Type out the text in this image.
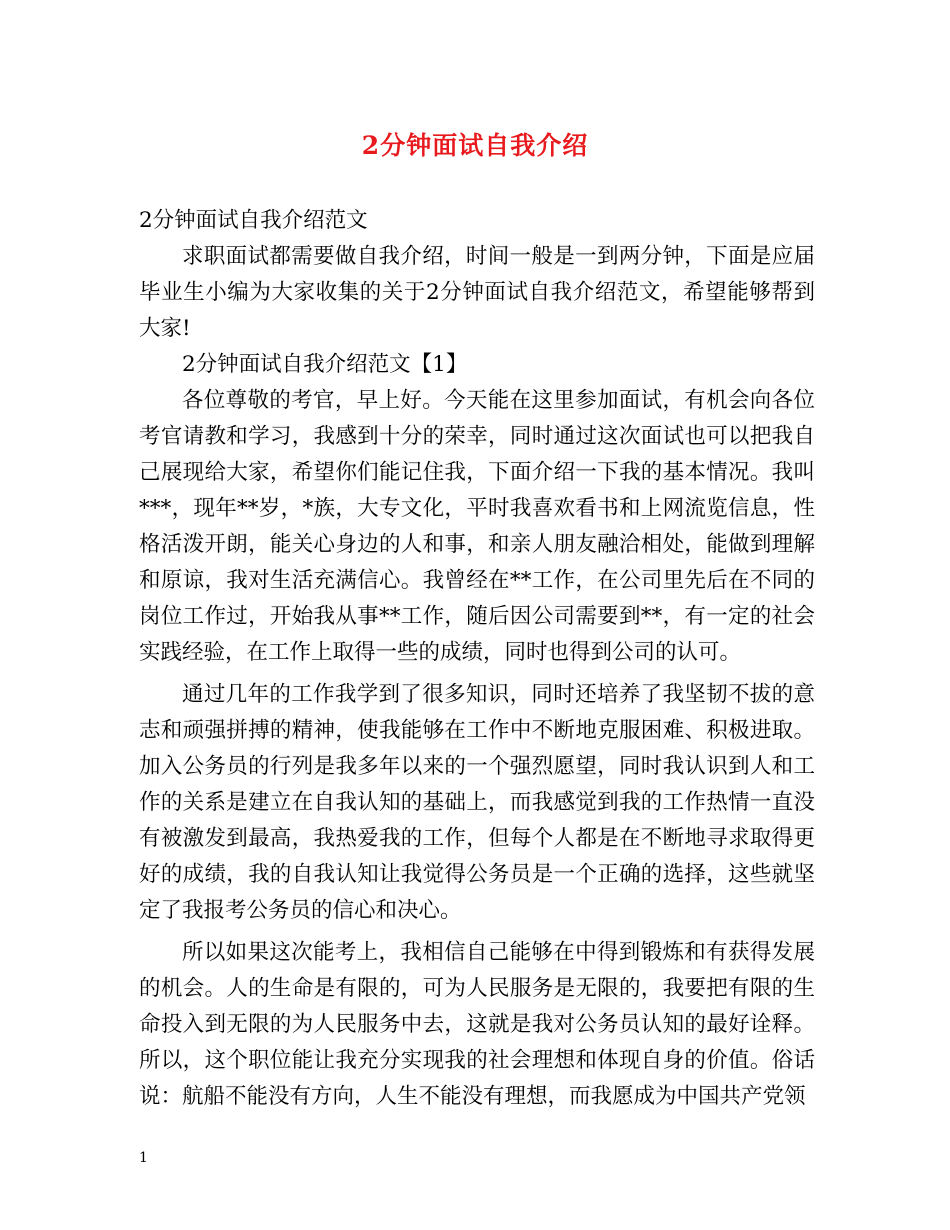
2分钟面试自我介绍

2分钟面试自我介绍范文

求职面试都需要做自我介绍，时间一般是一到两分钟，下面是应届毕业生小编为大家收集的关于2分钟面试自我介绍范文，希望能够帮到大家!

2分钟面试自我介绍范文【1】

各位尊敬的考官，早上好。今天能在这里参加面试，有机会向各位考官请教和学习，我感到十分的荣幸，同时通过这次面试也可以把我自己展现给大家，希望你们能记住我，下面介绍一下我的基本情况。我叫***，现年**岁，*族，大专文化，平时我喜欢看书和上网流览信息，性格活泼开朗，能关心身边的人和事，和亲人朋友融洽相处，能做到理解和原谅，我对生活充满信心。我曾经在**工作，在公司里先后在不同的岗位工作过，开始我从事**工作，随后因公司需要到**，有一定的社会实践经验，在工作上取得一些的成绩，同时也得到公司的认可。

通过几年的工作我学到了很多知识，同时还培养了我坚韧不拔的意志和顽强拼搏的精神，使我能够在工作中不断地克服困难、积极进取。加入公务员的行列是我多年以来的一个强烈愿望，同时我认识到人和工作的关系是建立在自我认知的基础上，而我感觉到我的工作热情一直没有被激发到最高，我热爱我的工作，但每个人都是在不断地寻求取得更好的成绩，我的自我认知让我觉得公务员是一个正确的选择，这些就坚定了我报考公务员的信心和决心。

所以如果这次能考上，我相信自己能够在中得到锻炼和有获得发展的机会。人的生命是有限的，可为人民服务是无限的，我要把有限的生命投入到无限的为人民服务中去，这就是我对公务员认知的最好诠释。所以，这个职位能让我充分实现我的社会理想和体现自身的价值。俗话说：航船不能没有方向，人生不能没有理想，而我愿成为中国共产党领

1
